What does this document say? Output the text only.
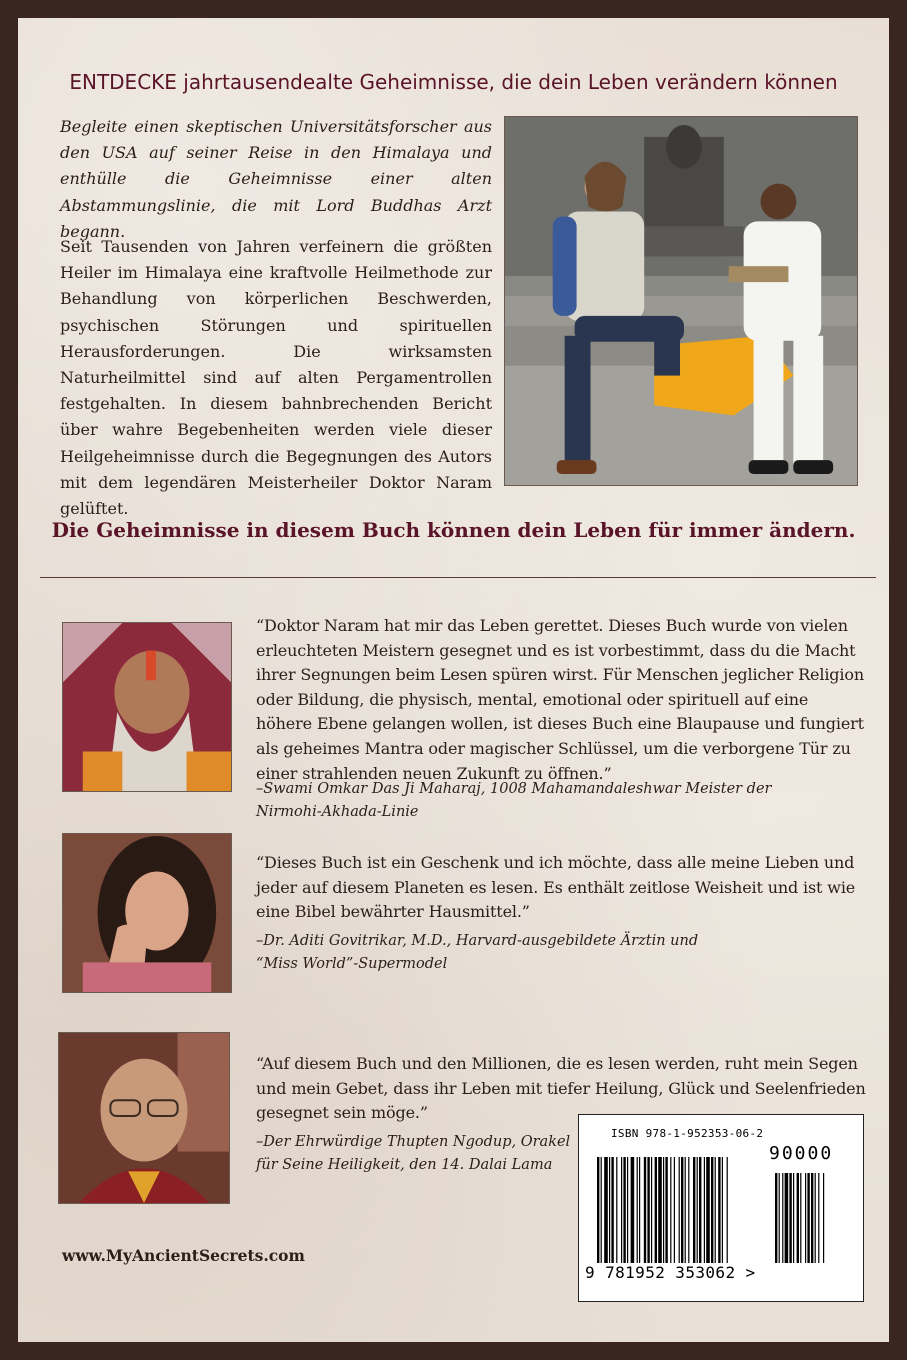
ENTDECKE jahrtausendealte Geheimnisse, die dein Leben verändern können

Begleite einen skeptischen Universitätsforscher aus den USA auf seiner Reise in den Himalaya und enthülle die Geheimnisse einer alten Abstammungslinie, die mit Lord Buddhas Arzt begann.

Seit Tausenden von Jahren verfeinern die größten Heiler im Himalaya eine kraftvolle Heilmethode zur Behandlung von körperlichen Beschwerden, psychischen Störungen und spirituellen Herausforderungen. Die wirksamsten Naturheilmittel sind auf alten Pergamentrollen festgehalten. In diesem bahnbrechenden Bericht über wahre Begebenheiten werden viele dieser Heilgeheimnisse durch die Begegnungen des Autors mit dem legendären Meisterheiler Doktor Naram gelüftet.

Die Geheimnisse in diesem Buch können dein Leben für immer ändern.

“Doktor Naram hat mir das Leben gerettet. Dieses Buch wurde von vielen erleuchteten Meistern gesegnet und es ist vorbestimmt, dass du die Macht ihrer Segnungen beim Lesen spüren wirst. Für Menschen jeglicher Religion oder Bildung, die physisch, mental, emotional oder spirituell auf eine höhere Ebene gelangen wollen, ist dieses Buch eine Blaupause und fungiert als geheimes Mantra oder magischer Schlüssel, um die verborgene Tür zu einer strahlenden neuen Zukunft zu öffnen.”

–Swami Omkar Das Ji Maharaj, 1008 Mahamandaleshwar Meister der
Nirmohi-Akhada-Linie

“Dieses Buch ist ein Geschenk und ich möchte, dass alle meine Lieben und jeder auf diesem Planeten es lesen. Es enthält zeitlose Weisheit und ist wie eine Bibel bewährter Hausmittel.”

–Dr. Aditi Govitrikar, M.D., Harvard-ausgebildete Ärztin und
“Miss World”-Supermodel

“Auf diesem Buch und den Millionen, die es lesen werden, ruht mein Segen und mein Gebet, dass ihr Leben mit tiefer Heilung, Glück und Seelenfrieden gesegnet sein möge.”

–Der Ehrwürdige Thupten Ngodup, Orakel
für Seine Heiligkeit, den 14. Dalai Lama
www.MyAncientSecrets.com
ISBN 978-1-952353-06-2
90000
9 781952 353062 >
